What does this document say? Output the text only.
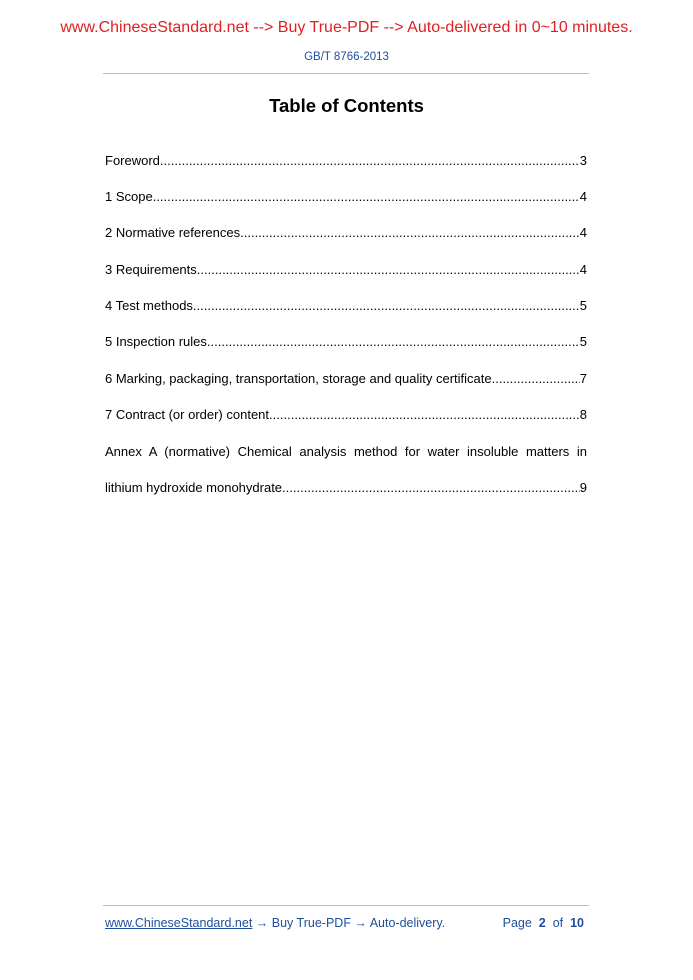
www.ChineseStandard.net --> Buy True-PDF --> Auto-delivered in 0~10 minutes.
GB/T 8766-2013
Table of Contents
Foreword .....	3
1 Scope .....	4
2 Normative references .....	4
3 Requirements .....	4
4 Test methods .....	5
5 Inspection rules .....	5
6 Marking, packaging, transportation, storage and quality certificate .....	7
7 Contract (or order) content .....	8
Annex A (normative) Chemical analysis method for water insoluble matters in
lithium hydroxide monohydrate .....	9
www.ChineseStandard.net → Buy True-PDF → Auto-delivery.	Page 2 of 10
